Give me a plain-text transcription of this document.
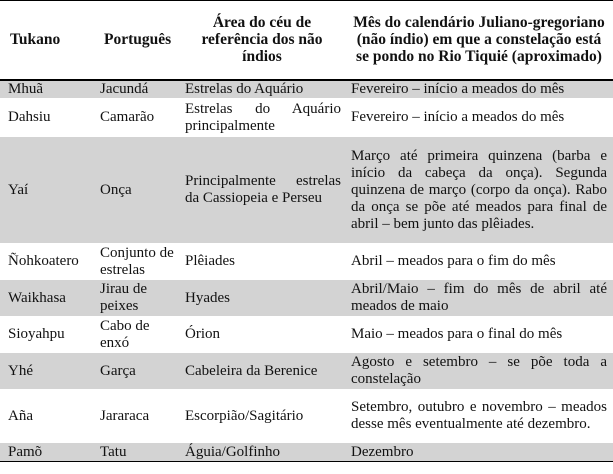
Tukano	Português	Área do céu de referência dos não índios	Mês do calendário Juliano-gregoriano (não índio) em que a constelação está se pondo no Rio Tiquié (aproximado)
Mhuã	Jacundá	Estrelas do Aquário	Fevereiro – início a meados do mês
Dahsiu	Camarão	Estrelas do Aquário principalmente	Fevereiro – início a meados do mês
Yaí	Onça	Principalmente estrelas da Cassiopeia e Perseu	Março até primeira quinzena (barba e início da cabeça da onça). Segunda quinzena de março (corpo da onça). Rabo da onça se põe até meados para final de abril – bem junto das plêiades.
Ñohkoatero	Conjunto de estrelas	Plêiades	Abril – meados para o fim do mês
Waikhasa	Jirau de peixes	Hyades	Abril/Maio – fim do mês de abril até meados de maio
Sioyahpu	Cabo de enxó	Órion	Maio – meados para o final do mês
Yhé	Garça	Cabeleira da Berenice	Agosto e setembro – se põe toda a constelação
Aña	Jararaca	Escorpião/Sagitário	Setembro, outubro e novembro – meados desse mês eventualmente até dezembro.
Pamõ	Tatu	Águia/Golfinho	Dezembro
